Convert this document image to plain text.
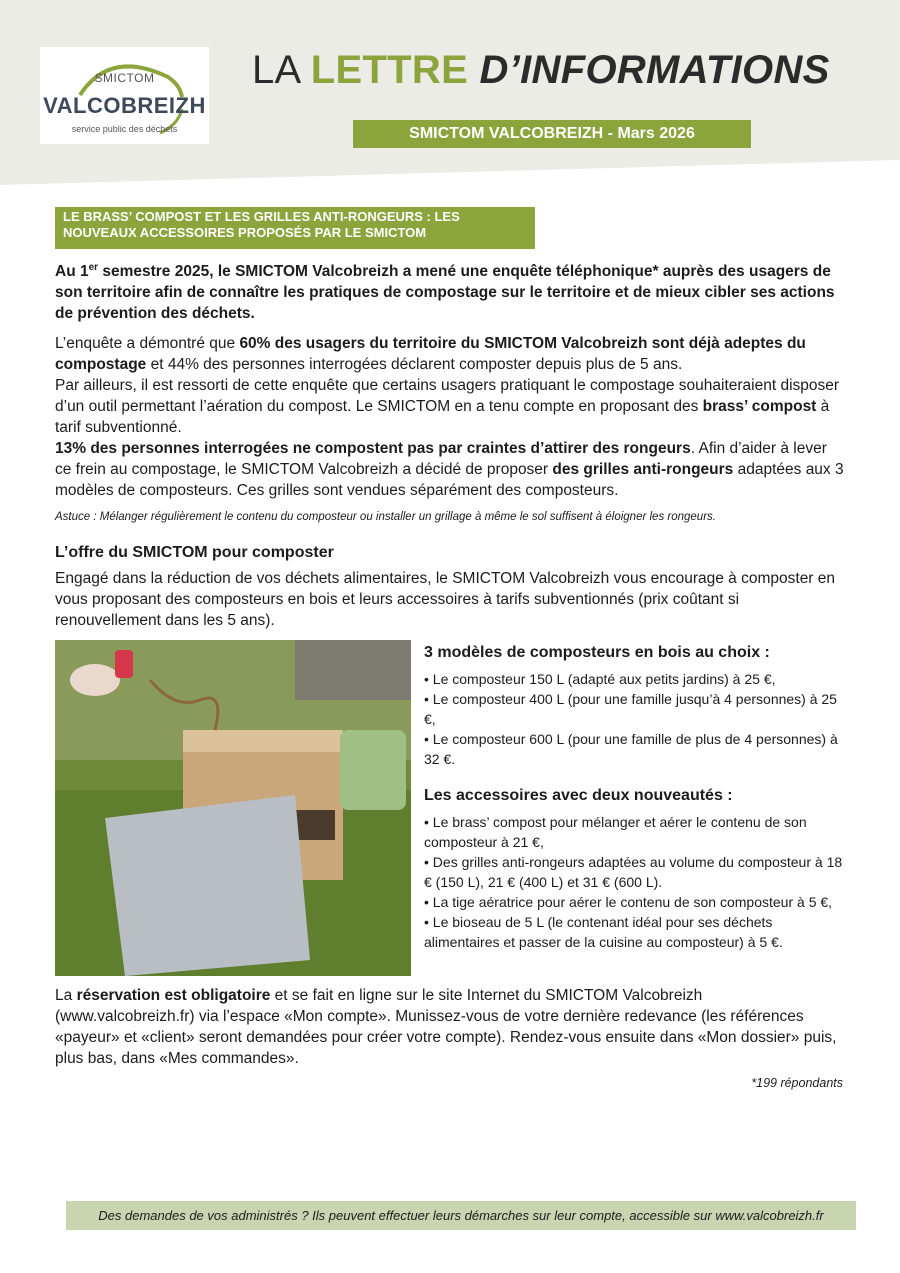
SMICTOM
VALCOBREIZH
service public des déchets
LA LETTRE D’INFORMATIONS
SMICTOM VALCOBREIZH - Mars 2026
LE BRASS’ COMPOST ET LES GRILLES ANTI-RONGEURS : LES NOUVEAUX ACCESSOIRES PROPOSÉS PAR LE SMICTOM

Au 1er semestre 2025, le SMICTOM Valcobreizh a mené une enquête téléphonique* auprès des usagers de son territoire afin de connaître les pratiques de compostage sur le territoire et de mieux cibler ses actions de prévention des déchets.

L’enquête a démontré que 60% des usagers du territoire du SMICTOM Valcobreizh sont déjà adeptes du compostage et 44% des personnes interrogées déclarent composter depuis plus de 5 ans.
Par ailleurs, il est ressorti de cette enquête que certains usagers pratiquant le compostage souhaiteraient disposer d’un outil permettant l’aération du compost. Le SMICTOM en a tenu compte en proposant des brass’ compost à tarif subventionné.
13% des personnes interrogées ne compostent pas par craintes d’attirer des rongeurs. Afin d’aider à lever ce frein au compostage, le SMICTOM Valcobreizh a décidé de proposer des grilles anti-rongeurs adaptées aux 3 modèles de composteurs. Ces grilles sont vendues séparément des composteurs.
Astuce : Mélanger régulièrement le contenu du composteur ou installer un grillage à même le sol suffisent à éloigner les rongeurs.
L’offre du SMICTOM pour composter

Engagé dans la réduction de vos déchets alimentaires, le SMICTOM Valcobreizh vous encourage à composter en vous proposant des composteurs en bois et leurs accessoires à tarifs subventionnés (prix coûtant si renouvellement dans les 5 ans).

3 modèles de composteurs en bois au choix :
• Le composteur 150 L (adapté aux petits jardins) à 25 €,
• Le composteur 400 L (pour une famille jusqu’à 4 personnes) à 25 €,
• Le composteur 600 L (pour une famille de plus de 4 personnes) à 32 €.
Les accessoires avec deux nouveautés :
• Le brass’ compost pour mélanger et aérer le contenu de son composteur à 21 €,
• Des grilles anti-rongeurs adaptées au volume du composteur à 18 € (150 L), 21 € (400 L) et 31 € (600 L).
• La tige aératrice pour aérer le contenu de son composteur à 5 €,
• Le bioseau de 5 L (le contenant idéal pour ses déchets alimentaires et passer de la cuisine au composteur) à 5 €.

La réservation est obligatoire et se fait en ligne sur le site Internet du SMICTOM Valcobreizh (www.valcobreizh.fr) via l’espace «Mon compte». Munissez-vous de votre dernière redevance (les références «payeur» et «client» seront demandées pour créer votre compte). Rendez-vous ensuite dans «Mon dossier» puis, plus bas, dans «Mes commandes».

*199 répondants
Des demandes de vos administrés ? Ils peuvent effectuer leurs démarches sur leur compte, accessible sur www.valcobreizh.fr
